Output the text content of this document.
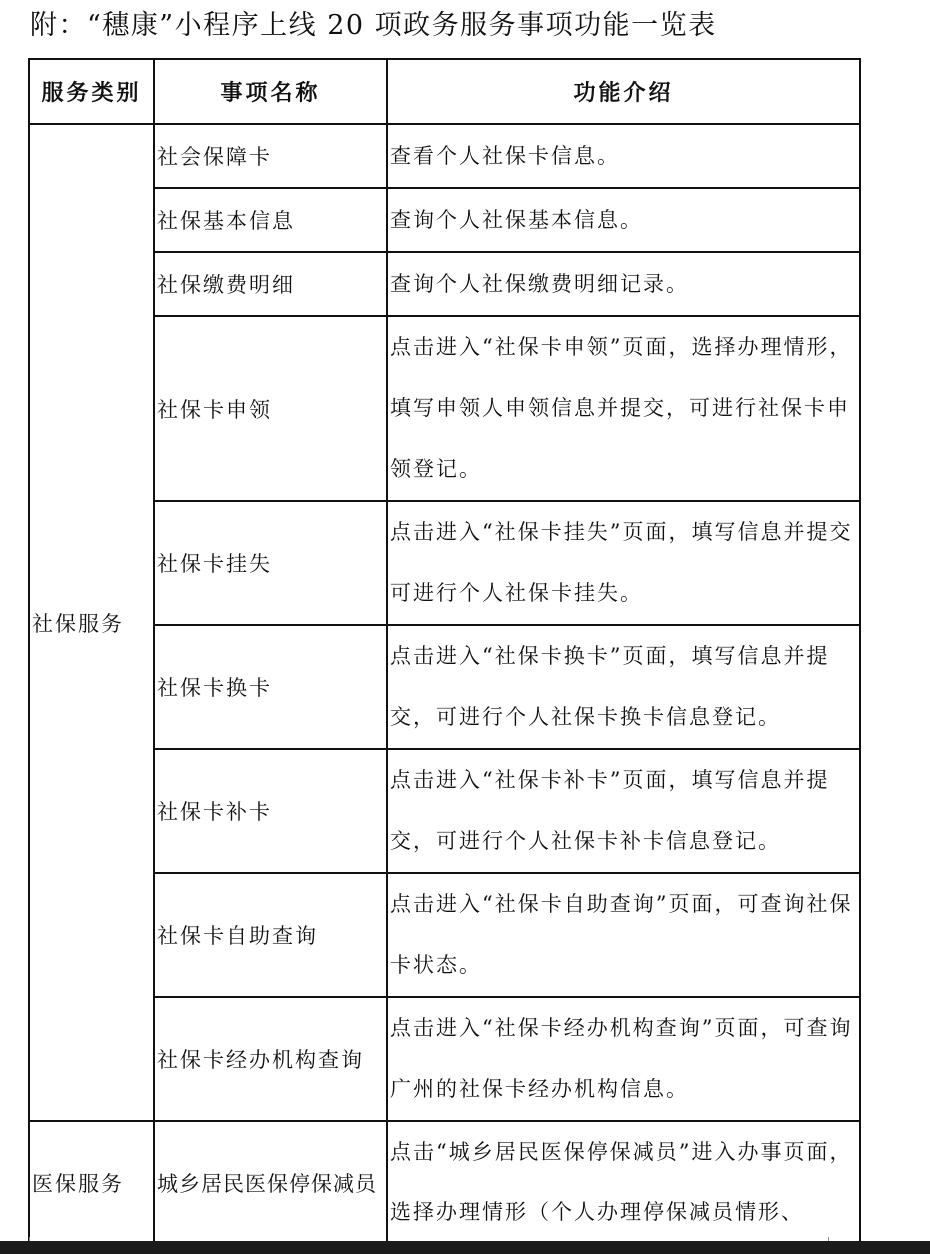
附：“穗康”小程序上线 20 项政务服务事项功能一览表
服务类别	事项名称	功能介绍
社保服务	社会保障卡	查看个人社保卡信息。
	社保基本信息	查询个人社保基本信息。
	社保缴费明细	查询个人社保缴费明细记录。
	社保卡申领	点击进入“社保卡申领”页面，选择办理情形，填写申领人申领信息并提交，可进行社保卡申领登记。
	社保卡挂失	点击进入“社保卡挂失”页面，填写信息并提交可进行个人社保卡挂失。
	社保卡换卡	点击进入“社保卡换卡”页面，填写信息并提交，可进行个人社保卡换卡信息登记。
	社保卡补卡	点击进入“社保卡补卡”页面，填写信息并提交，可进行个人社保卡补卡信息登记。
	社保卡自助查询	点击进入“社保卡自助查询”页面，可查询社保卡状态。
	社保卡经办机构查询	点击进入“社保卡经办机构查询”页面，可查询广州的社保卡经办机构信息。
医保服务	城乡居民医保停保减员	点击“城乡居民医保停保减员”进入办事页面，选择办理情形（个人办理停保减员情形、
